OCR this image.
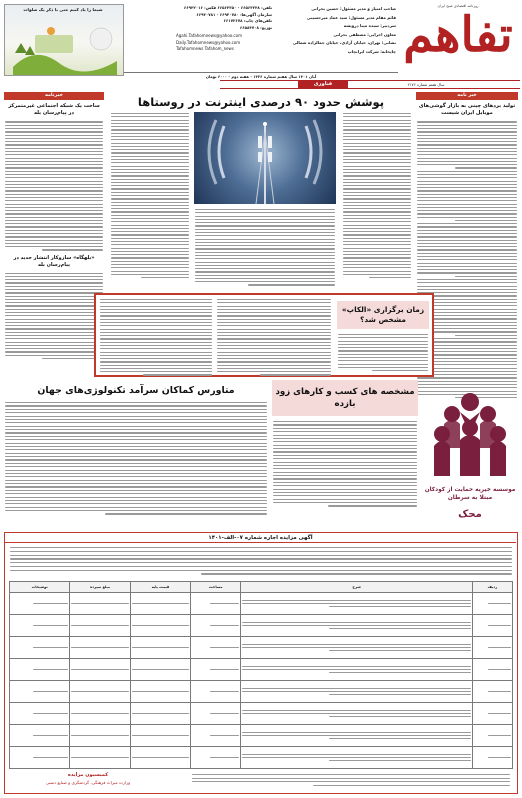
تفاهم
روزنامه اقتصادی صبح ایران
صاحب امتیاز و مدیر مسئول: حسین بحرانی
قائم مقام مدیر مسئول: سید عماد میرحسینی
سردبیر: سیده مینا درویشه
معاون اجرایی: مصطفی بحرانی
نشانی: تهران، خیابان آزادی، خیابان جمالزاده شمالی
چاپخانه: شرکت ایرانچاپ
تلفن: ۶۶۵۶۴۲۴۸ - ۶۶۵۶۴۲۵۰ فکس: ۶۶۹۴۲۰۱۶
سازمان آگهی‌ها: ۶۶۹۴۰۷۸۰ - ۶۶۹۴۰۷۸۱
تلفن‌های چاپ: ۶۶۱۷۲۶۷۸
توزیع: ۶۶۵۸۴۷۰۸
Agahi.Tafahomnews@yahoo.com
Daily.Tafahomnews@yahoo.com
Tafahomnews Tafahom_news
شیما را یاد کنیم حتی با ذکر یک صلوات
آبان ۱۴۰۱ سال هفتم شماره ۱۴۲۶ - هفته دوم - ۶۰۰۰ تومان
فناوری	سال هفتم شماره ۲۱۷۶
خبر نامه
تولید بردهای چینی به بازار گوشی‌های موبایل ایران شیست
خبرنامه
ساخت یک شبکه اجتماعی غیرمتمرکز در پیام‌رسان بله
«بلهگاه» سازوکار انتشار جدید در پیام‌رسان بله
پوشش حدود ۹۰ درصدی اینترنت در روستاها
زمان برگزاری «الکاپ» مشخص شد؟
متاورس کماکان سرآمد تکنولوژی‌های جهان	مشخصه های کسب و کارهای زود بازده
موسسه خیریه حمایت از کودکان مبتلا به سرطان
محک
آگهی مزایده اجاره شماره ۰۷-الف-۱۴۰۱
ردیف	شرح	مساحت	قیمت پایه	مبلغ سپرده	توضیحات

کمیسیون مزایده
وزارت میراث فرهنگی، گردشگری و صنایع دستی
